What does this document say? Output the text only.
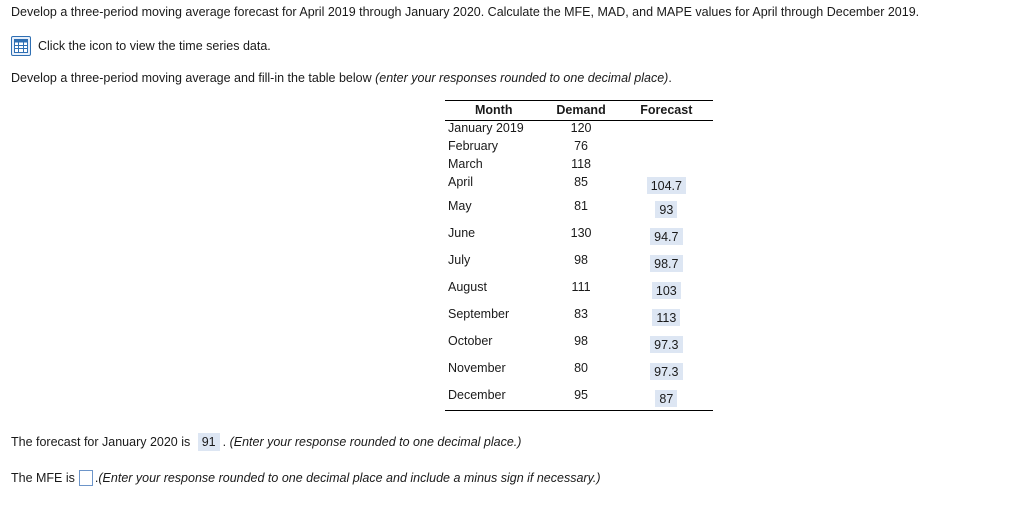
Develop a three-period moving average forecast for April 2019 through January 2020. Calculate the MFE, MAD, and MAPE values for April through December 2019.
Click the icon to view the time series data.
Develop a three-period moving average and fill-in the table below (enter your responses rounded to one decimal place).
Month	Demand	Forecast
January 2019	120	
February	76	
March	118	
April	85	104.7
May	81	93
June	130	94.7
July	98	98.7
August	111	103
September	83	113
October	98	97.3
November	80	97.3
December	95	87
The forecast for January 2020 is 91 . (Enter your response rounded to one decimal place.)
The MFE is . (Enter your response rounded to one decimal place and include a minus sign if necessary.)
